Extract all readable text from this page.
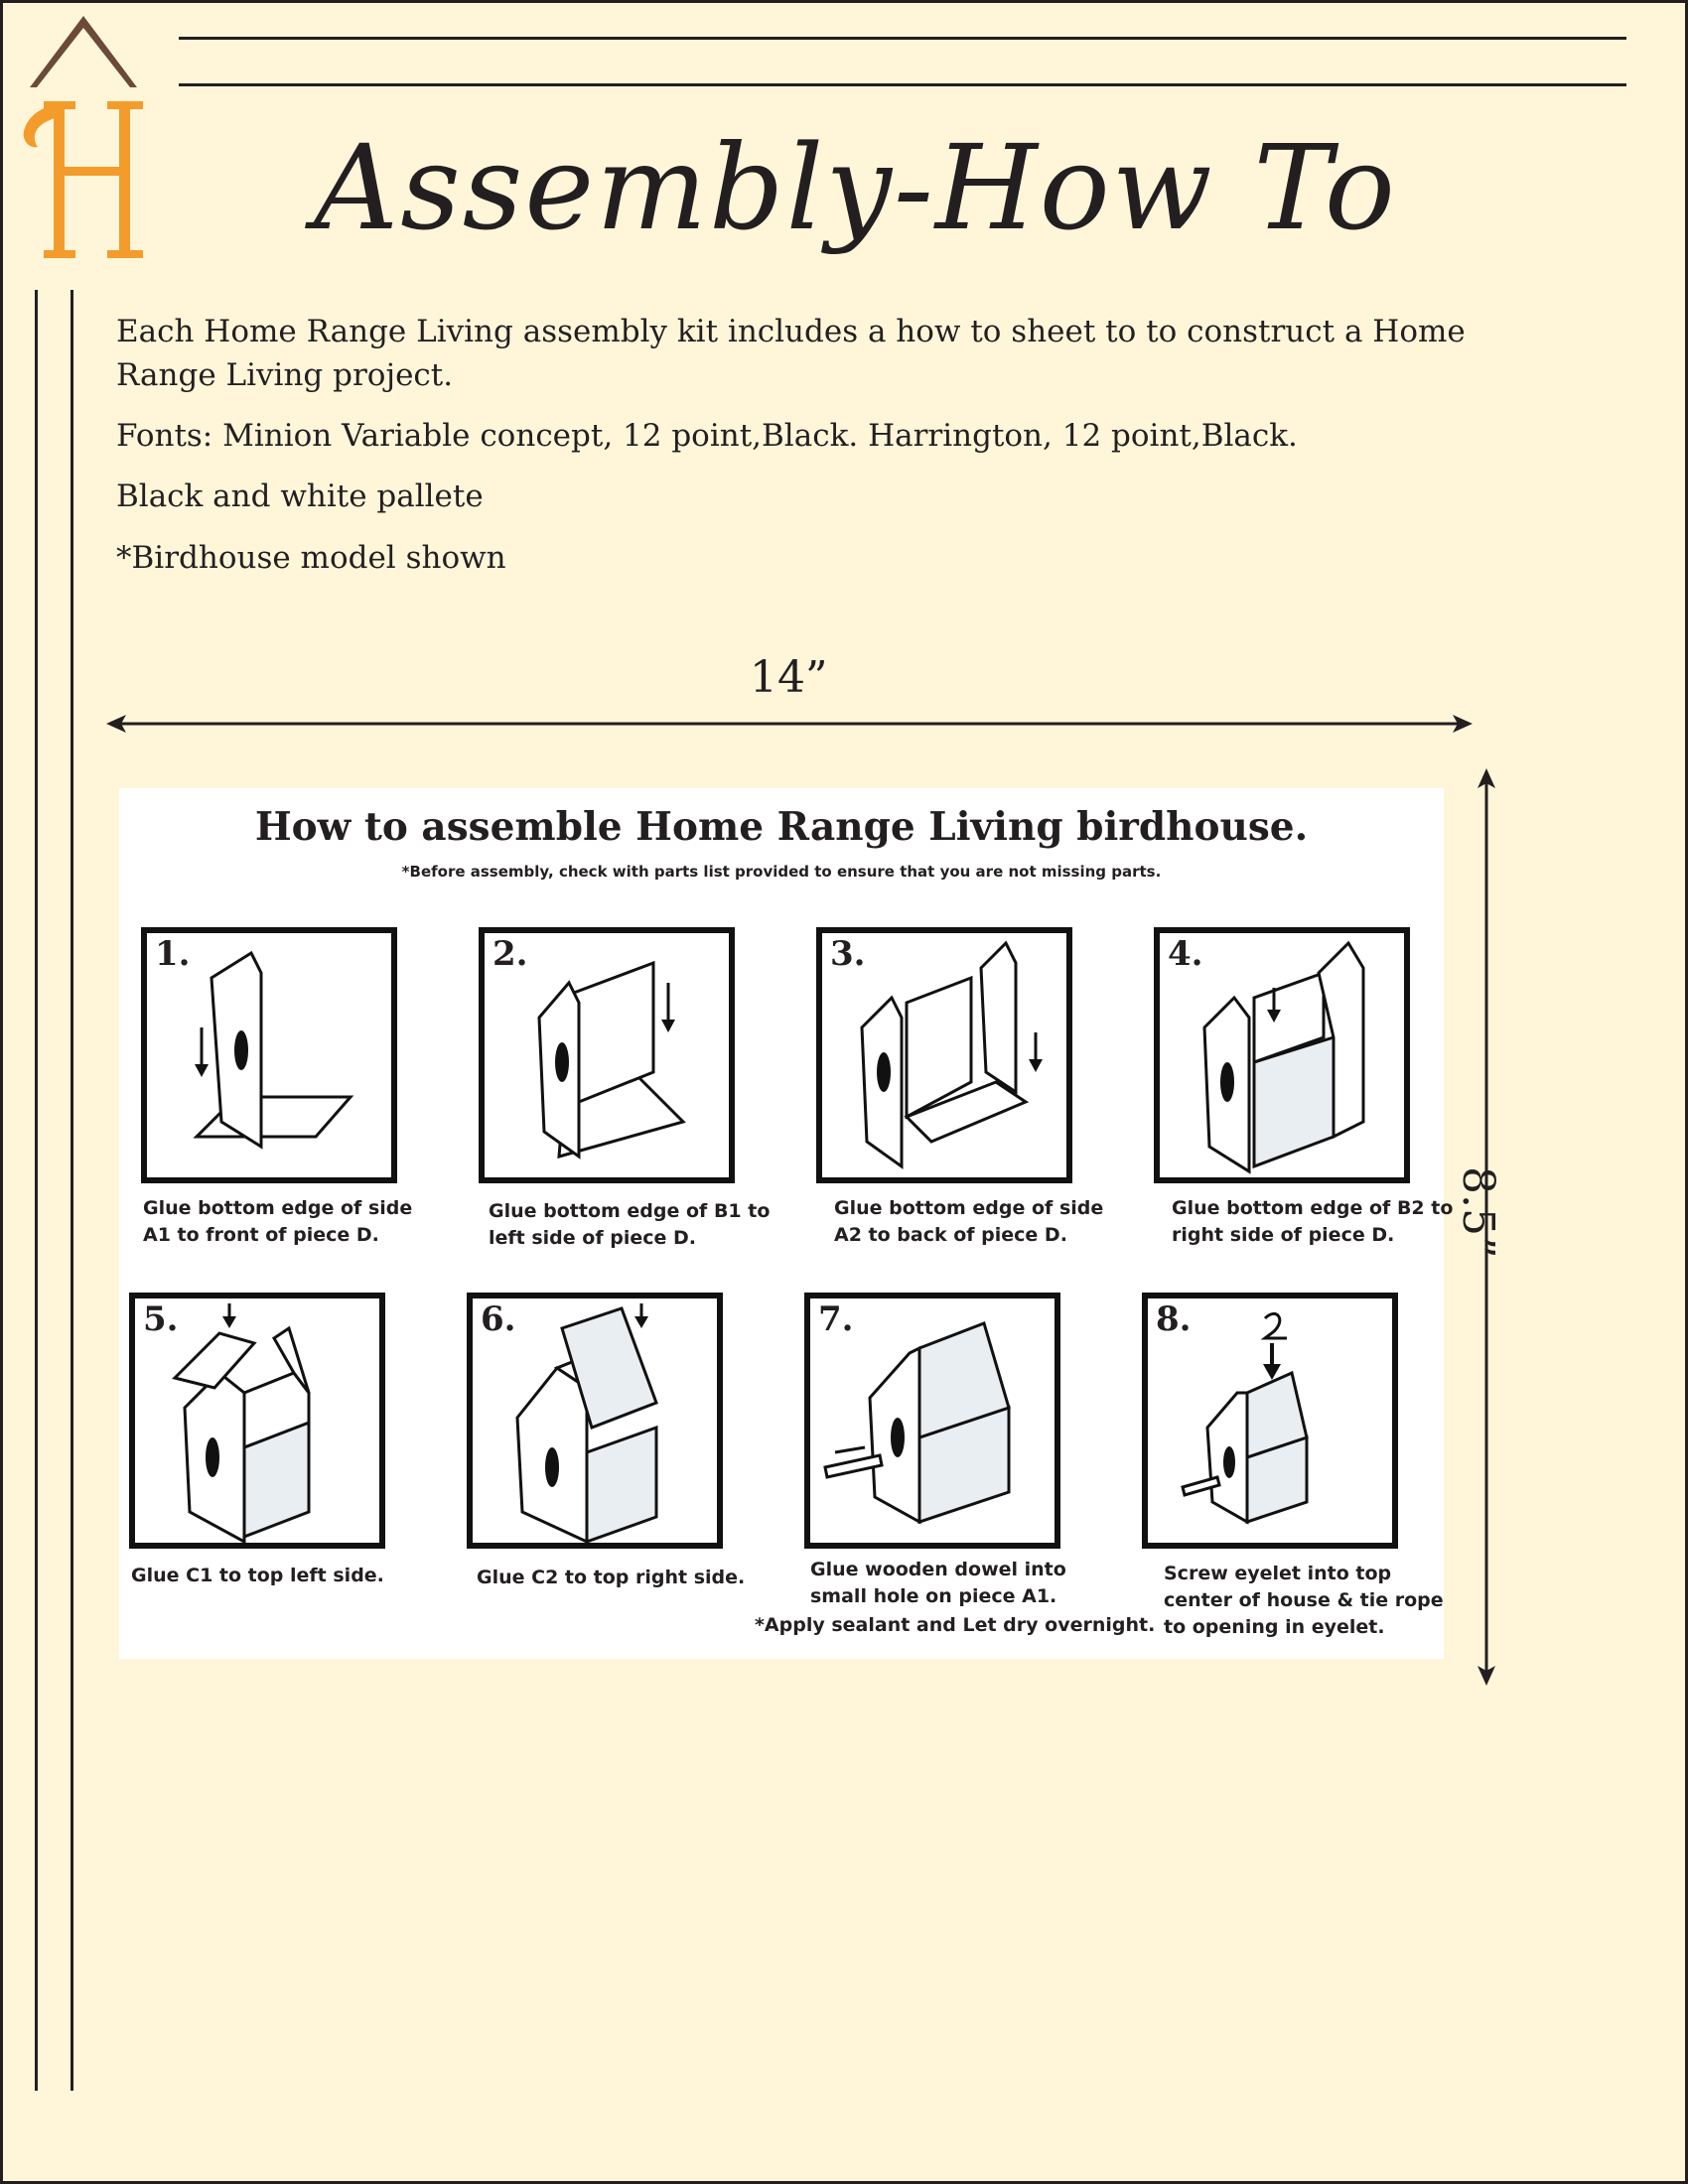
Assembly-How To

Each Home Range Living assembly kit includes a how to sheet to to construct a Home Range Living project.

Fonts: Minion Variable concept, 12 point,Black. Harrington, 12 point,Black.

Black and white pallete

*Birdhouse model shown

14”
8.5”
How to assemble Home Range Living birdhouse.
*Before assembly, check with parts list provided to ensure that you are not missing parts.
1.	2.	3.	4.

Glue bottom edge of side

A1 to front of piece D.

Glue bottom edge of B1 to

left side of piece D.

Glue bottom edge of side

A2 to back of piece D.

Glue bottom edge of B2 to

right side of piece D.

5.	6.	7.	8.

Glue C1 to top left side.	Glue C2 to top right side.	Glue wooden dowel into

small hole on piece A1.

*Apply sealant and Let dry overnight.

Screw eyelet into top

center of house & tie rope

to opening in eyelet.
